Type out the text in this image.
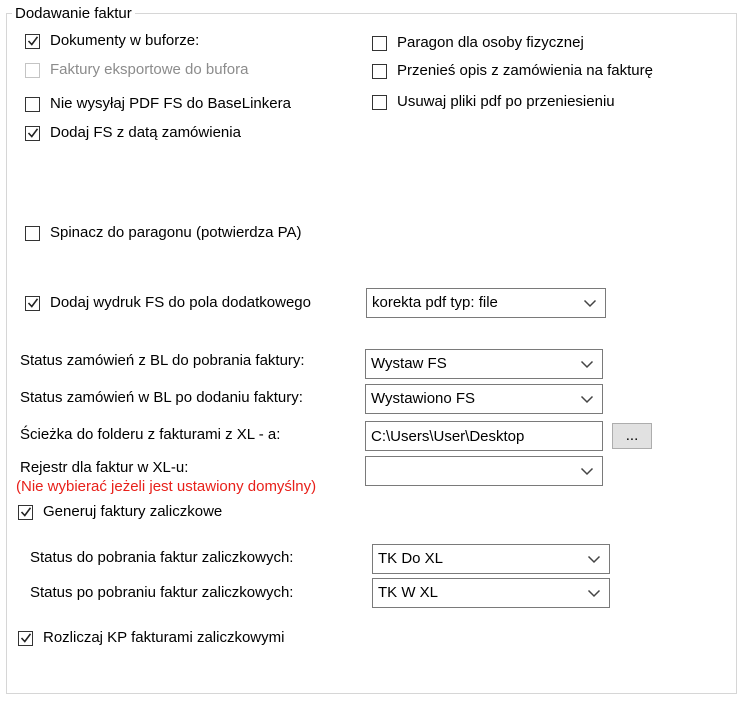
Dodawanie faktur
Dokumenty w buforze:
Faktury eksportowe do bufora
Nie wysyłaj PDF FS do BaseLinkera
Dodaj FS z datą zamówienia
Paragon dla osoby fizycznej
Przenieś opis z zamówienia na fakturę
Usuwaj pliki pdf po przeniesieniu
Spinacz do paragonu (potwierdza PA)
Dodaj wydruk FS do pola dodatkowego	korekta pdf typ: file
Status zamówień z BL do pobrania faktury:	Wystaw FS
Status zamówień w BL po dodaniu faktury:	Wystawiono FS
Ścieżka do folderu z fakturami z XL - a:	C:\Users\User\Desktop	...
Rejestr dla faktur w XL-u:
(Nie wybierać jeżeli jest ustawiony domyślny)
Generuj faktury zaliczkowe
Status do pobrania faktur zaliczkowych:	TK Do XL
Status po pobraniu faktur zaliczkowych:	TK W XL
Rozliczaj KP fakturami zaliczkowymi
